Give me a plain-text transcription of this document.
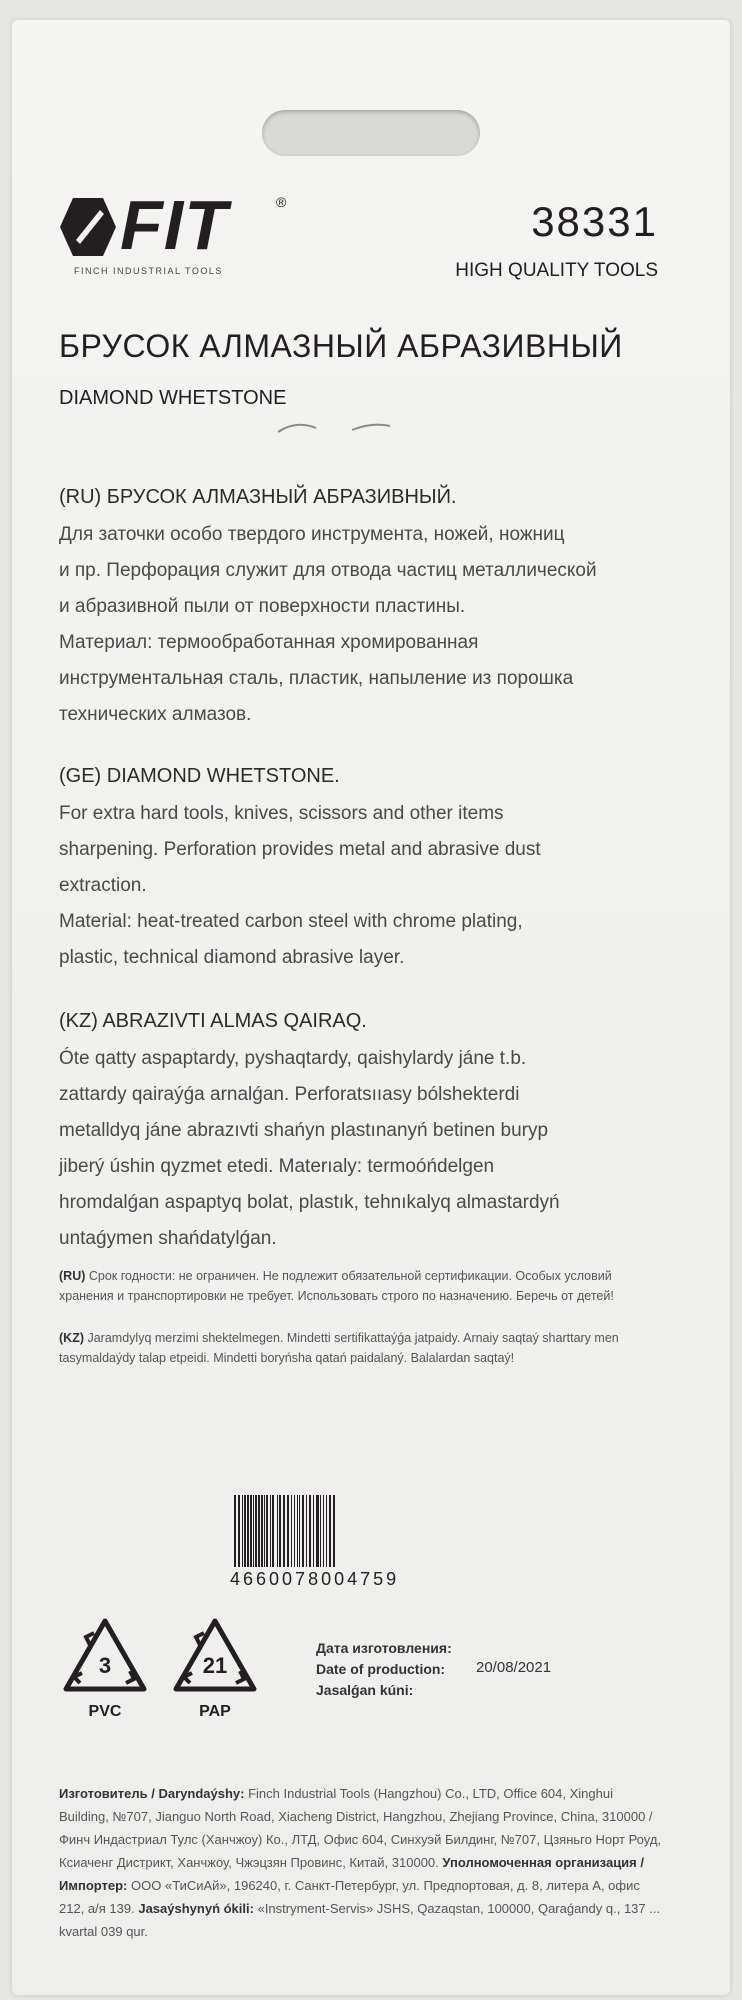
FIT	®
FINCH INDUSTRIAL TOOLS
38331
HIGH QUALITY TOOLS
БРУСОК АЛМАЗНЫЙ АБРАЗИВНЫЙ
DIAMOND WHETSTONE
(RU) БРУСОК АЛМАЗНЫЙ АБРАЗИВНЫЙ.

Для заточки особо твердого инструмента, ножей, ножниц

и пр. Перфорация служит для отвода частиц металлической

и абразивной пыли от поверхности пластины.

Материал: термообработанная хромированная

инструментальная сталь, пластик, напыление из порошка

технических алмазов.

(GE) DIAMOND WHETSTONE.

For extra hard tools, knives, scissors and other items

sharpening. Perforation provides metal and abrasive dust

extraction.

Material: heat-treated carbon steel with chrome plating,

plastic, technical diamond abrasive layer.

(KZ) ABRAZIVTI ALMAS QAIRAQ.

Óte qatty aspaptardy, pyshaqtardy, qaishylardy jáne t.b.

zattardy qairaýǵa arnalǵan. Perforatsııasy bólshekterdi

metalldyq jáne abrazıvti shańyn plastınanyń betinen buryp

jiberý úshin qyzmet etedi. Materıaly: termoóńdelgen

hromdalǵan aspaptyq bolat, plastık, tehnıkalyq almastardyń

untaǵymen shańdatylǵan.

(RU) Срок годности: не ограничен. Не подлежит обязательной сертификации. Особых условий хранения и транспортировки не требует. Использовать строго по назначению. Беречь от детей!
(KZ) Jaramdylyq merzimi shektelmegen. Mindetti sertifikattaýǵa jatpaidy. Arnaiy saqtaý sharttary men tasymaldaýdy talap etpeidi. Mindetti boryńsha qatań paidalaný. Balalardan saqtaý!
4660078004759
3
PVC
21
PAP
Дата изготовления:
Date of production:
Jasalǵan kúni:
20/08/2021
Изготовитель / Daryndaýshy: Finch Industrial Tools (Hangzhou) Co., LTD, Office 604, Xinghui Building, №707, Jianguo North Road, Xiacheng District, Hangzhou, Zhejiang Province, China, 310000 / Финч Индастриал Тулс (Ханчжоу) Ко., ЛТД, Офис 604, Синхуэй Билдинг, №707, Цзяньго Норт Роуд, Ксиаченг Дистрикт, Ханчжоу, Чжэцзян Провинс, Китай, 310000. Уполномоченная организация / Импортер: ООО «ТиСиАй», 196240, г. Санкт-Петербург, ул. Предпортовая, д. 8, литера А, офис 212, а/я 139. Jasaýshynyń ókili: «Instryment-Servis» JSHS, Qazaqstan, 100000, Qaraǵandy q., 137 ... kvartal 039 qur.
